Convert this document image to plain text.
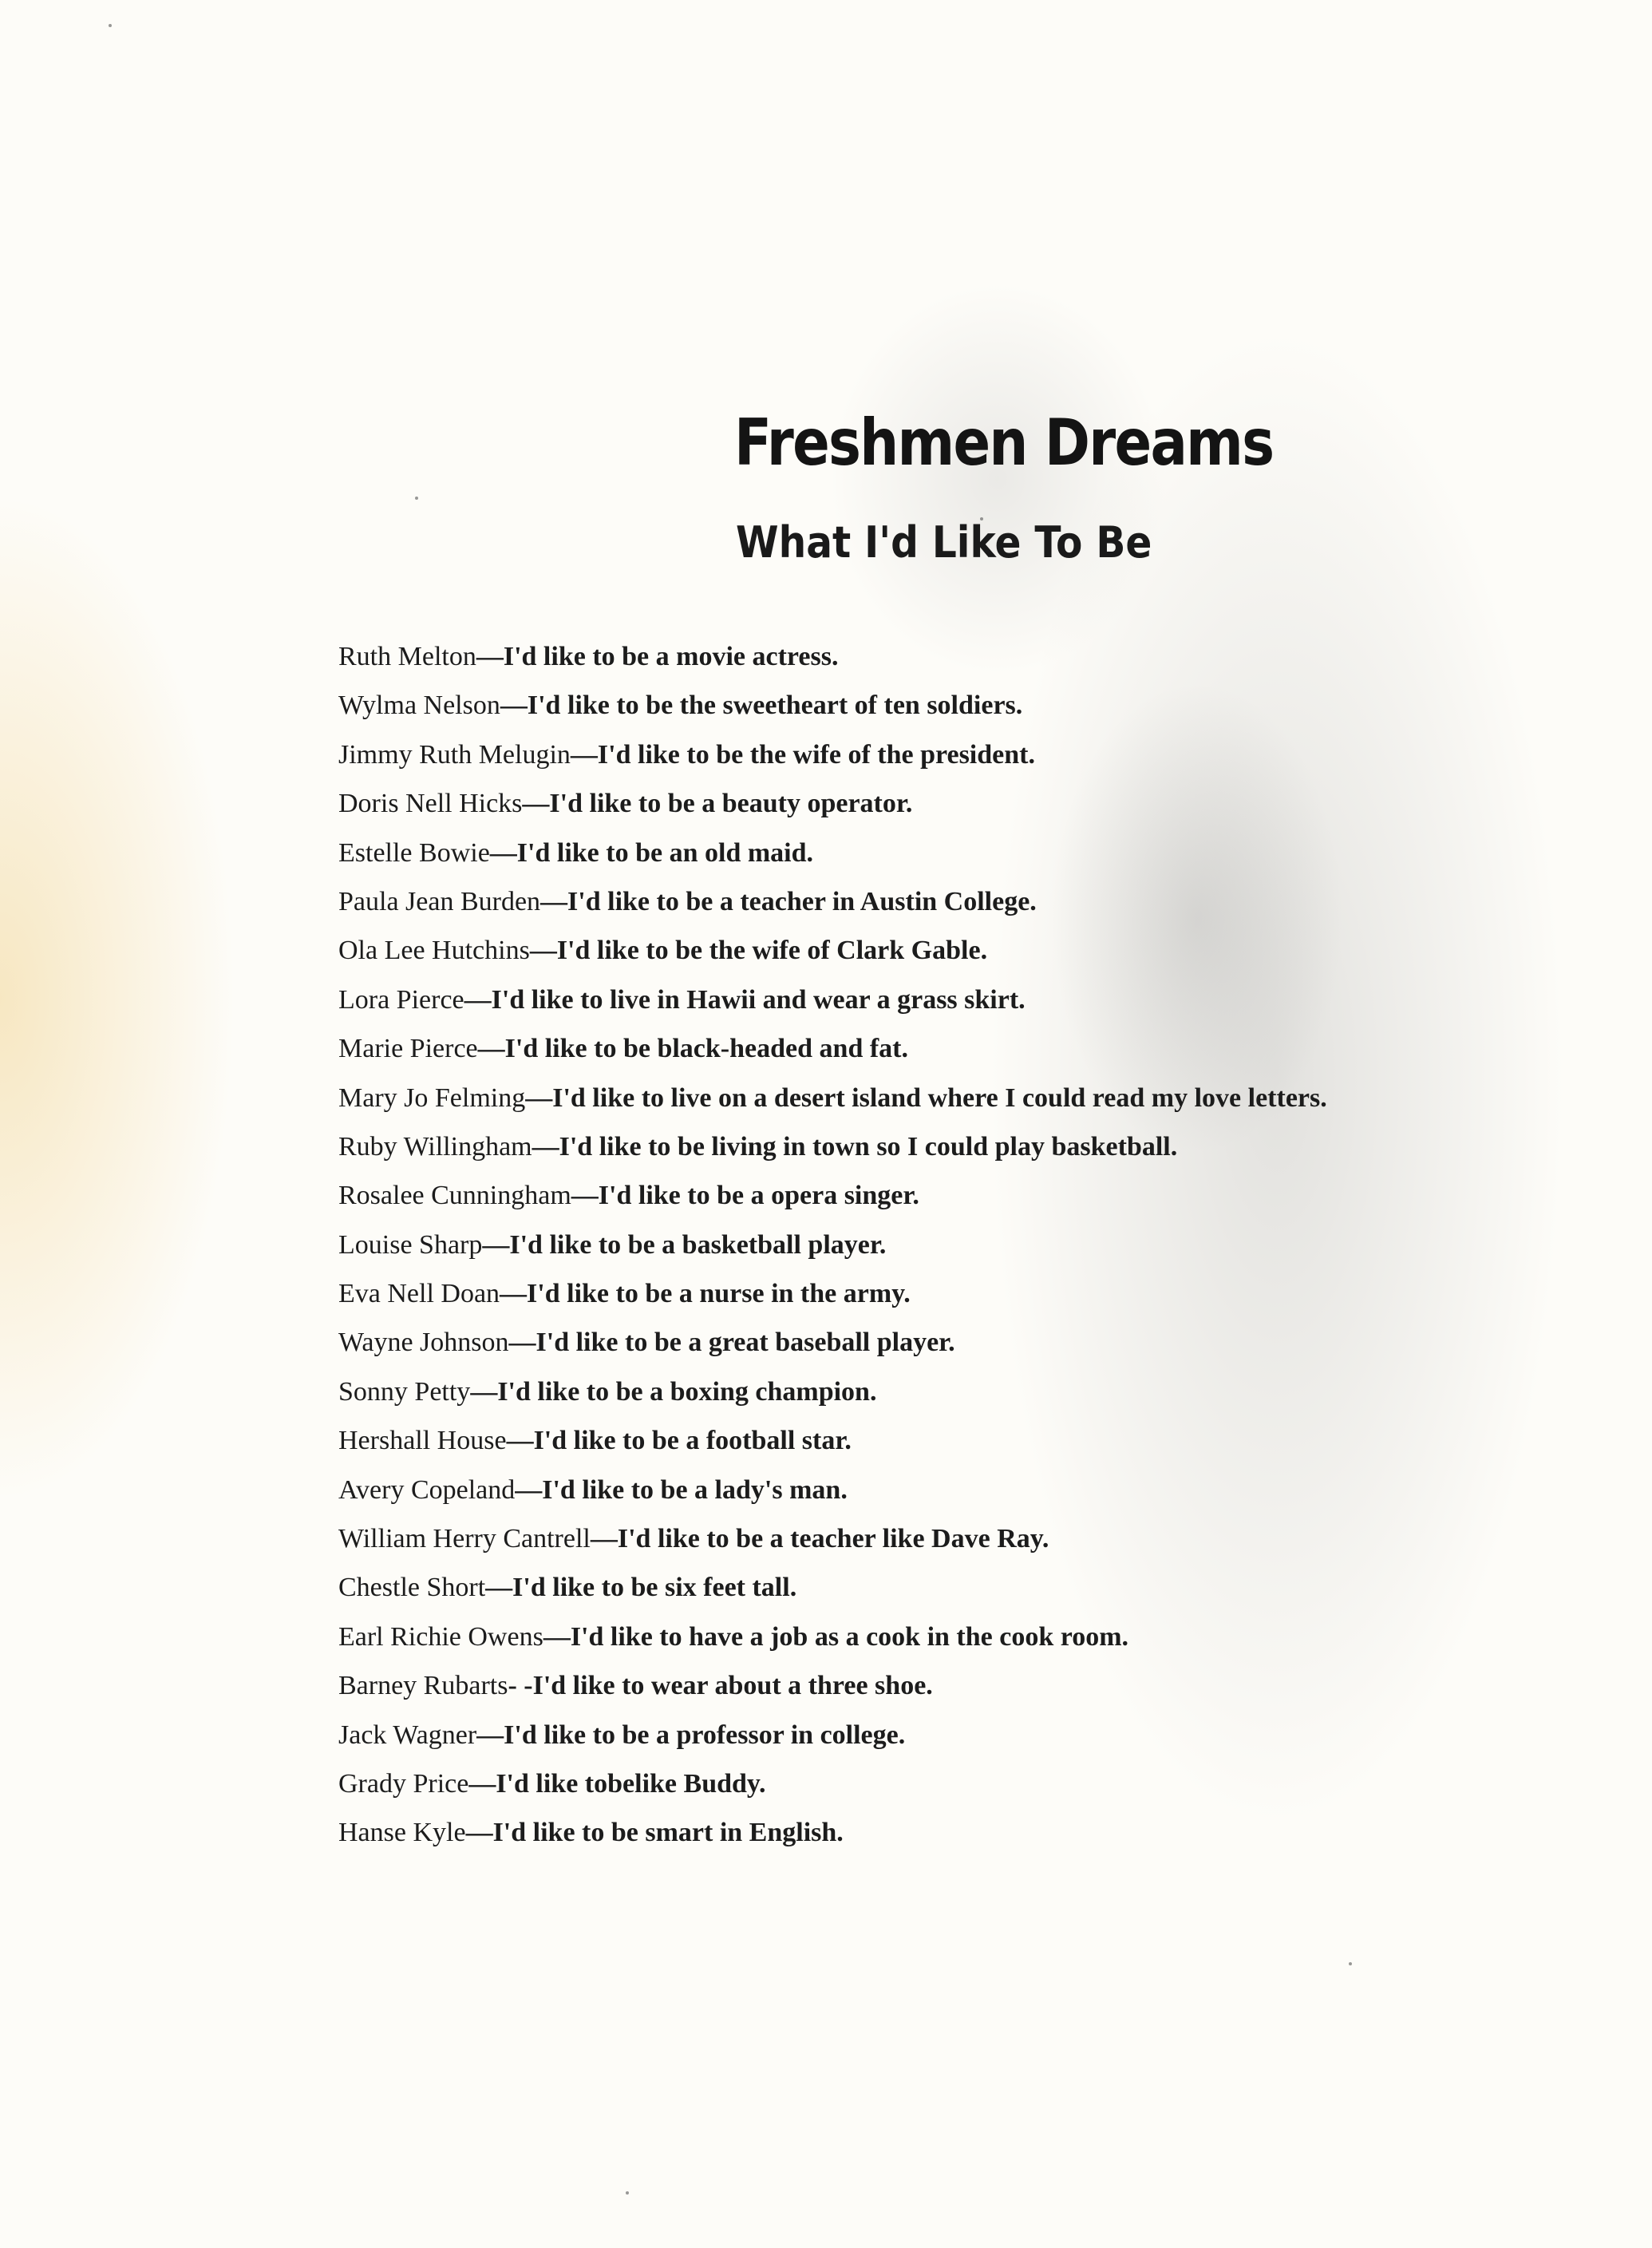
Freshmen Dreams
What I'd Like To Be
Ruth Melton—I'd like to be a movie actress.
Wylma Nelson—I'd like to be the sweetheart of ten soldiers.
Jimmy Ruth Melugin—I'd like to be the wife of the president.
Doris Nell Hicks—I'd like to be a beauty operator.
Estelle Bowie—I'd like to be an old maid.
Paula Jean Burden—I'd like to be a teacher in Austin College.
Ola Lee Hutchins—I'd like to be the wife of Clark Gable.
Lora Pierce—I'd like to live in Hawii and wear a grass skirt.
Marie Pierce—I'd like to be black-headed and fat.
Mary Jo Felming—I'd like to live on a desert island where I could read my love letters.
Ruby Willingham—I'd like to be living in town so I could play basketball.
Rosalee Cunningham—I'd like to be a opera singer.
Louise Sharp—I'd like to be a basketball player.
Eva Nell Doan—I'd like to be a nurse in the army.
Wayne Johnson—I'd like to be a great baseball player.
Sonny Petty—I'd like to be a boxing champion.
Hershall House—I'd like to be a football star.
Avery Copeland—I'd like to be a lady's man.
William Herry Cantrell—I'd like to be a teacher like Dave Ray.
Chestle Short—I'd like to be six feet tall.
Earl Richie Owens—I'd like to have a job as a cook in the cook room.
Barney Rubarts- -I'd like to wear about a three shoe.
Jack Wagner—I'd like to be a professor in college.
Grady Price—I'd like tobelike Buddy.
Hanse Kyle—I'd like to be smart in English.
